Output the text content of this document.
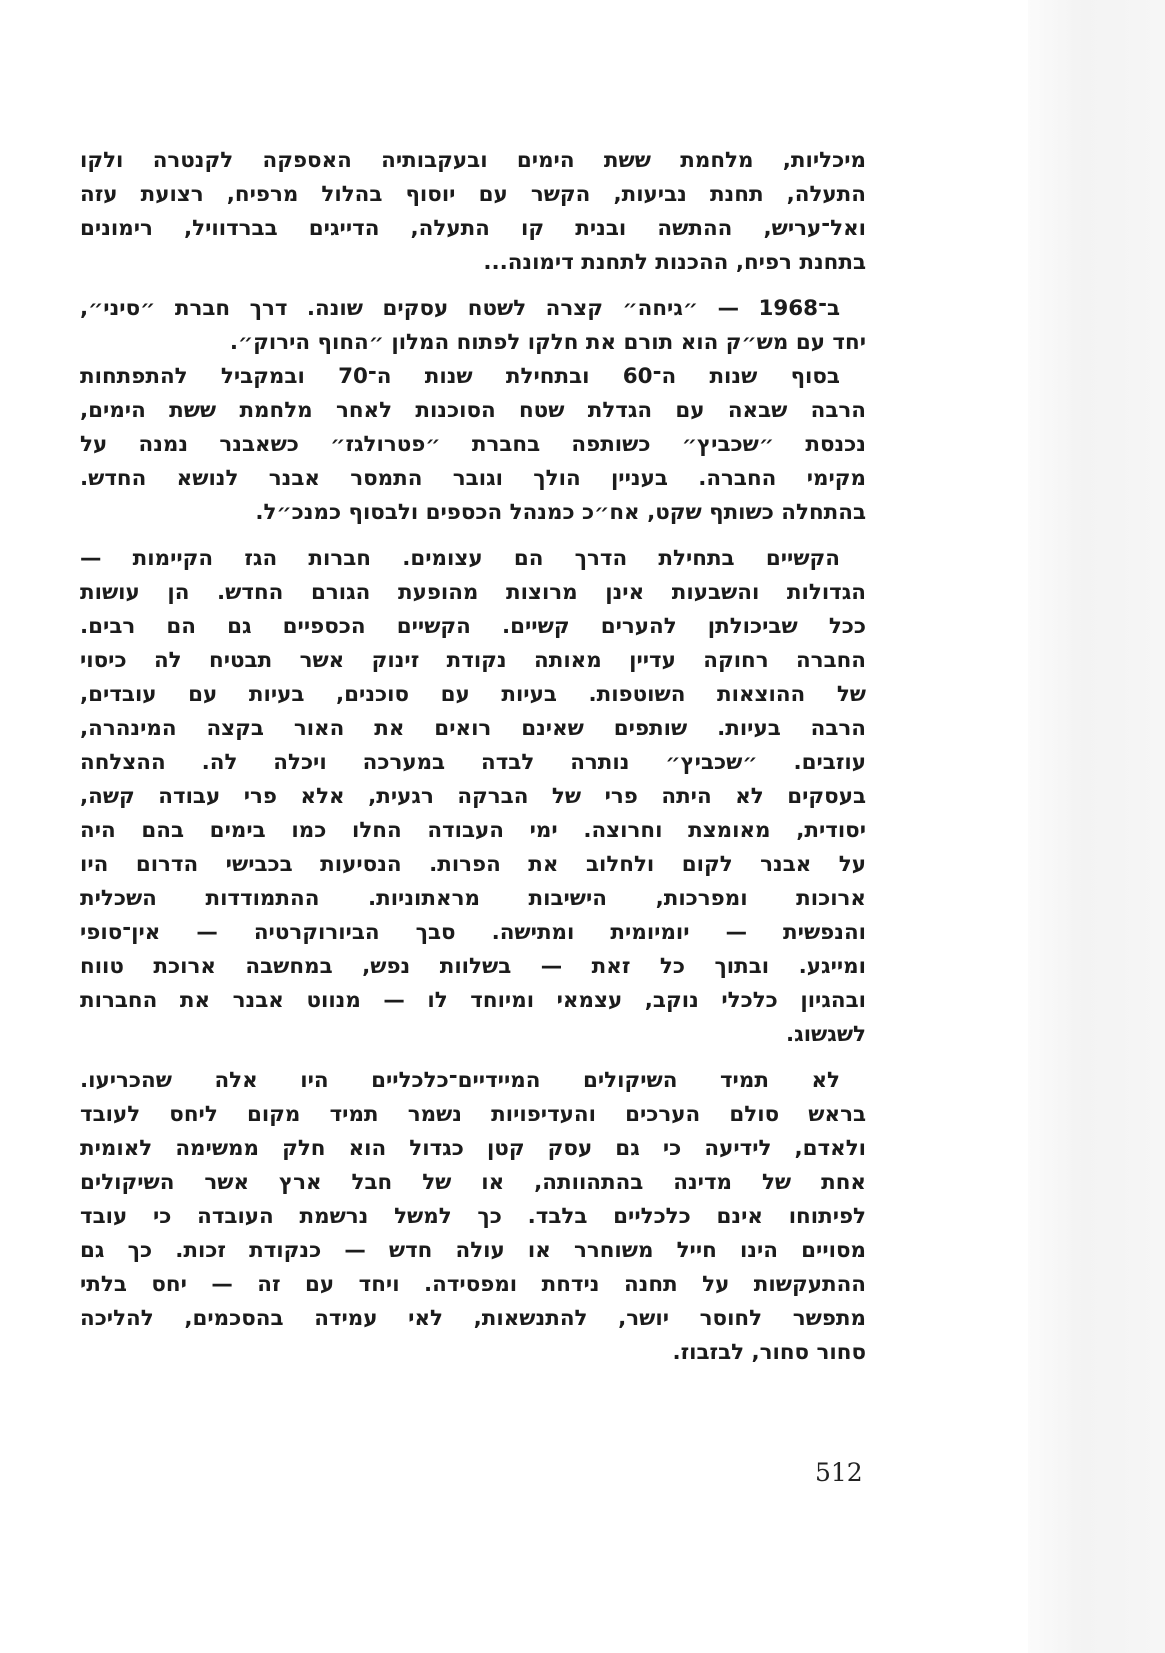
מיכליות, מלחמת ששת הימים ובעקבותיה האספקה לקנטרה ולקו
התעלה, תחנת נביעות, הקשר עם יוסוף בהלול מרפיח, רצועת עזה
ואל־עריש, ההתשה ובנית קו התעלה, הדייגים בברדוויל, רימונים
בתחנת רפיח, ההכנות לתחנת דימונה...
ב־1968 — ״גיחה״ קצרה לשטח עסקים שונה. דרך חברת ״סיני״,
יחד עם מש״ק הוא תורם את חלקו לפתוח המלון ״החוף הירוק״.
בסוף שנות ה־60 ובתחילת שנות ה־70 ובמקביל להתפתחות
הרבה שבאה עם הגדלת שטח הסוכנות לאחר מלחמת ששת הימים,
נכנסת ״שכביץ״ כשותפה בחברת ״פטרולגז״ כשאבנר נמנה על
מקימי החברה. בעניין הולך וגובר התמסר אבנר לנושא החדש.
בהתחלה כשותף שקט, אח״כ כמנהל הכספים ולבסוף כמנכ״ל.
הקשיים בתחילת הדרך הם עצומים. חברות הגז הקיימות —
הגדולות והשבעות אינן מרוצות מהופעת הגורם החדש. הן עושות
ככל שביכולתן להערים קשיים. הקשיים הכספיים גם הם רבים.
החברה רחוקה עדיין מאותה נקודת זינוק אשר תבטיח לה כיסוי
של ההוצאות השוטפות. בעיות עם סוכנים, בעיות עם עובדים,
הרבה בעיות. שותפים שאינם רואים את האור בקצה המינהרה,
עוזבים. ״שכביץ״ נותרה לבדה במערכה ויכלה לה. ההצלחה
בעסקים לא היתה פרי של הברקה רגעית, אלא פרי עבודה קשה,
יסודית, מאומצת וחרוצה. ימי העבודה החלו כמו בימים בהם היה
על אבנר לקום ולחלוב את הפרות. הנסיעות בכבישי הדרום היו
ארוכות ומפרכות, הישיבות מראתוניות. ההתמודדות השכלית
והנפשית — יומיומית ומתישה. סבך הביורוקרטיה — אין־סופי
ומייגע. ובתוך כל זאת — בשלוות נפש, במחשבה ארוכת טווח
ובהגיון כלכלי נוקב, עצמאי ומיוחד לו — מנווט אבנר את החברות
לשגשוג.
לא תמיד השיקולים המיידיים־כלכליים היו אלה שהכריעו.
בראש סולם הערכים והעדיפויות נשמר תמיד מקום ליחס לעובד
ולאדם, לידיעה כי גם עסק קטן כגדול הוא חלק ממשימה לאומית
אחת של מדינה בהתהוותה, או של חבל ארץ אשר השיקולים
לפיתוחו אינם כלכליים בלבד. כך למשל נרשמת העובדה כי עובד
מסויים הינו חייל משוחרר או עולה חדש — כנקודת זכות. כך גם
ההתעקשות על תחנה נידחת ומפסידה. ויחד עם זה — יחס בלתי
מתפשר לחוסר יושר, להתנשאות, לאי עמידה בהסכמים, להליכה
סחור סחור, לבזבוז.
512
